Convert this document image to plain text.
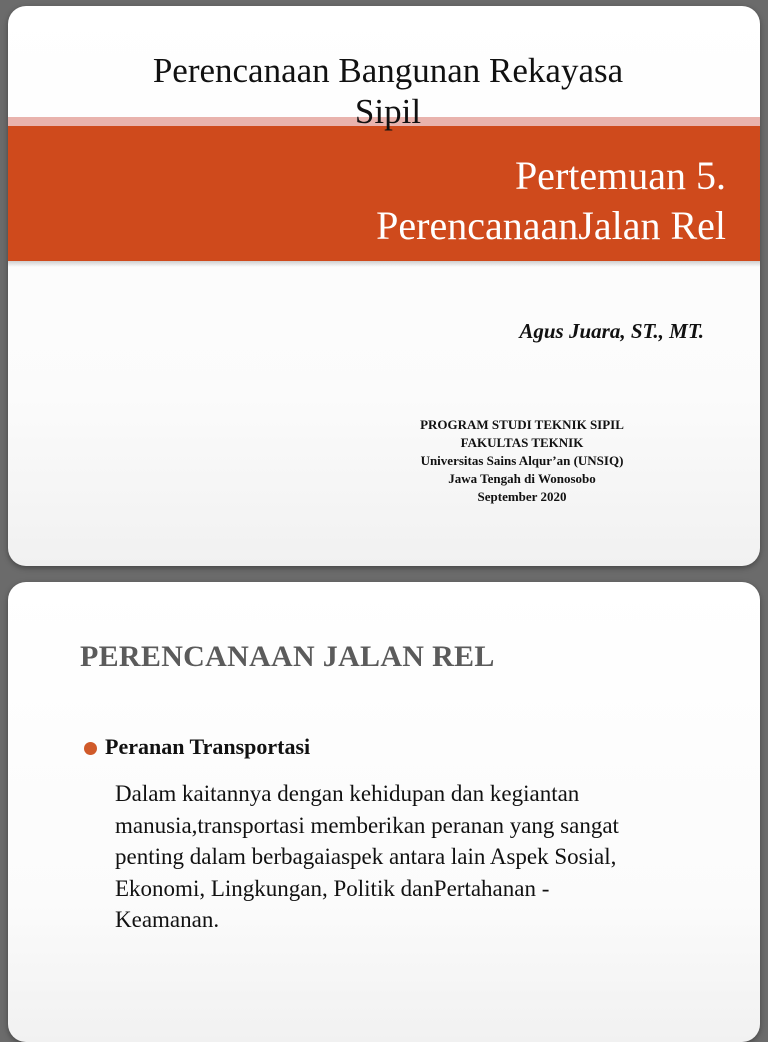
Perencanaan Bangunan Rekayasa
Sipil
Pertemuan 5.
PerencanaanJalan Rel
Agus Juara, ST., MT.
PROGRAM STUDI TEKNIK SIPIL
FAKULTAS TEKNIK
Universitas Sains Alqur’an (UNSIQ)
Jawa Tengah di Wonosobo
September 2020
PERENCANAAN JALAN REL
Peranan Transportasi

Dalam kaitannya dengan kehidupan dan kegiantan
manusia,transportasi memberikan peranan yang sangat
penting dalam berbagaiaspek antara lain Aspek Sosial,
Ekonomi, Lingkungan, Politik danPertahanan -
Keamanan.
